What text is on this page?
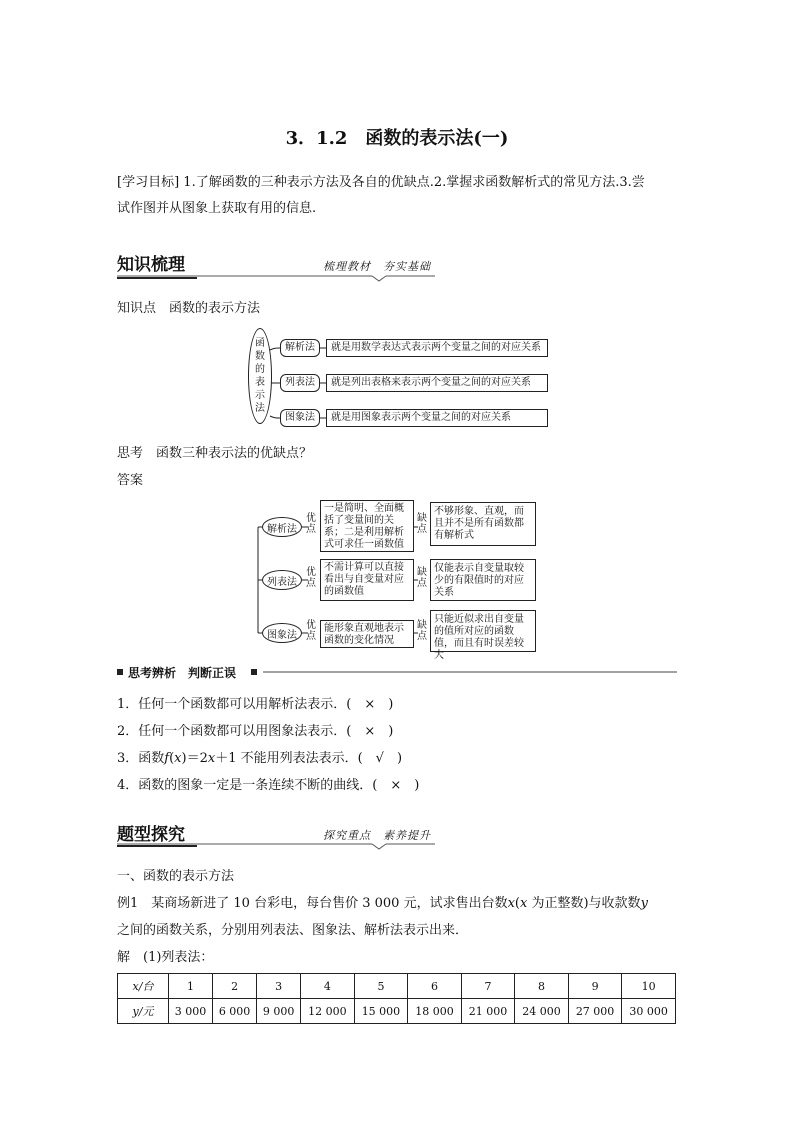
3．1.2　函数的表示法(一)
[学习目标] 1.了解函数的三种表示方法及各自的优缺点.2.掌握求函数解析式的常见方法.3.尝
试作图并从图象上获取有用的信息.
知识梳理	梳理教材　夯实基础
知识点　函数的表示方法
函数的表示法
解析法	就是用数学表达式表示两个变量之间的对应关系
列表法	就是列出表格来表示两个变量之间的对应关系
图象法	就是用图象表示两个变量之间的对应关系
思考　函数三种表示法的优缺点？
答案
解析法
优点
一是简明、全面概括了变量间的关系；二是利用解析式可求任一函数值
缺点
不够形象、直观，而且并不是所有函数都有解析式
列表法
优点
不需计算可以直接看出与自变量对应的函数值
缺点
仅能表示自变量取较少的有限值时的对应关系
图象法
优点
能形象直观地表示函数的变化情况
缺点
只能近似求出自变量的值所对应的函数值，而且有时误差较大
思考辨析　判断正误
1．任何一个函数都可以用解析法表示．(　×　)
2．任何一个函数都可以用图象法表示．(　×　)
3．函数f(x)＝2x＋1 不能用列表法表示．(　√　)
4．函数的图象一定是一条连续不断的曲线．(　×　)
题型探究	探究重点　素养提升
一、函数的表示方法
例1　某商场新进了 10 台彩电，每台售价 3 000 元，试求售出台数x(x 为正整数)与收款数y
之间的函数关系，分别用列表法、图象法、解析法表示出来．
解　(1)列表法：
x/台	1	2	3	4	5	6	7	8	9	10
y/元	3 000	6 000	9 000	12 000	15 000	18 000	21 000	24 000	27 000	30 000
